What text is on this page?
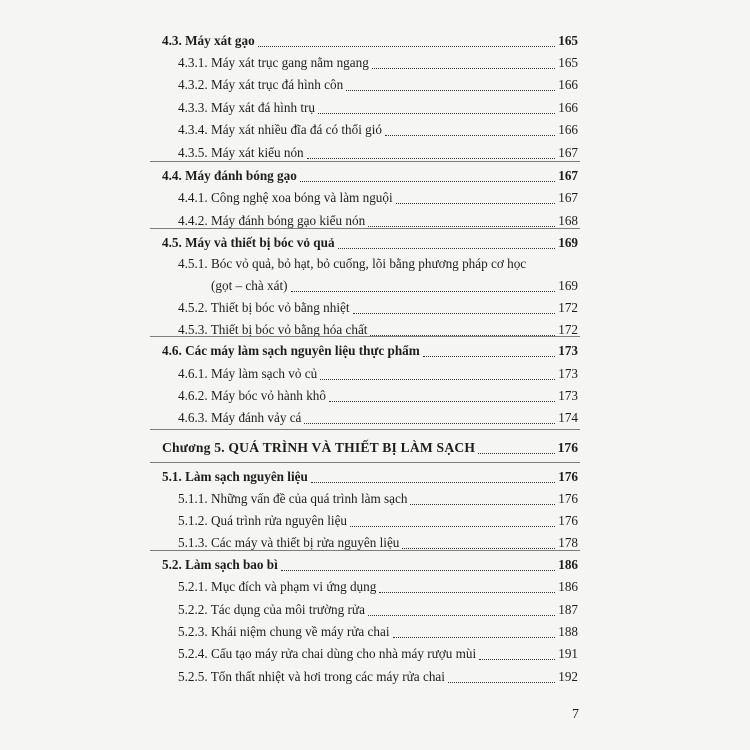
4.3. Máy xát gạo	165
4.3.1. Máy xát trục gang nằm ngang	165
4.3.2. Máy xát trục đá hình côn	166
4.3.3. Máy xát đá hình trụ	166
4.3.4. Máy xát nhiều đĩa đá có thổi gió	166
4.3.5. Máy xát kiểu nón	167
4.4. Máy đánh bóng gạo	167
4.4.1. Công nghệ xoa bóng và làm nguội	167
4.4.2. Máy đánh bóng gạo kiểu nón	168
4.5. Máy và thiết bị bóc vỏ quả	169
4.5.1. Bóc vỏ quả, bỏ hạt, bỏ cuống, lõi bằng phương pháp cơ học
(gọt – chà xát)	169
4.5.2. Thiết bị bóc vỏ bằng nhiệt	172
4.5.3. Thiết bị bóc vỏ bằng hóa chất	172
4.6. Các máy làm sạch nguyên liệu thực phẩm	173
4.6.1. Máy làm sạch vỏ củ	173
4.6.2. Máy bóc vỏ hành khô	173
4.6.3. Máy đánh vảy cá	174
Chương 5. QUÁ TRÌNH VÀ THIẾT BỊ LÀM SẠCH	176
5.1. Làm sạch nguyên liệu	176
5.1.1. Những vấn đề của quá trình làm sạch	176
5.1.2. Quá trình rửa nguyên liệu	176
5.1.3. Các máy và thiết bị rửa nguyên liệu	178
5.2. Làm sạch bao bì	186
5.2.1. Mục đích và phạm vi ứng dụng	186
5.2.2. Tác dụng của môi trường rửa	187
5.2.3. Khái niệm chung về máy rửa chai	188
5.2.4. Cấu tạo máy rửa chai dùng cho nhà máy rượu mùi	191
5.2.5. Tổn thất nhiệt và hơi trong các máy rửa chai	192
7
